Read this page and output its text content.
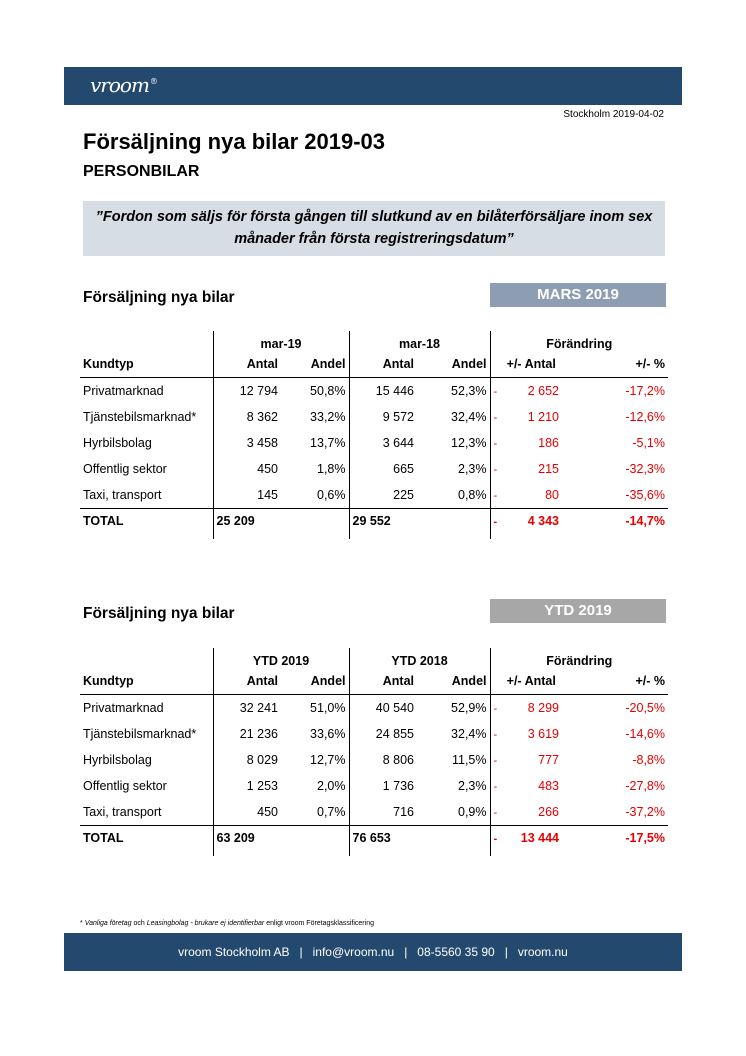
vroom®
Stockholm 2019-04-02
Försäljning nya bilar 2019-03
PERSONBILAR
”Fordon som säljs för första gången till slutkund av en bilåterförsäljare inom sex månader från första registreringsdatum”
Försäljning nya bilar	MARS 2019
	mar-19		mar-18		Förändring	
Kundtyp	Antal	Andel	Antal	Andel	+/- Antal	+/- %
Privatmarknad	12 794	50,8%	15 446	52,3%	- 2 652	-17,2%
Tjänstebilsmarknad*	8 362	33,2%	9 572	32,4%	- 1 210	-12,6%
Hyrbilsbolag	3 458	13,7%	3 644	12,3%	- 186	-5,1%
Offentlig sektor	450	1,8%	665	2,3%	- 215	-32,3%
Taxi, transport	145	0,6%	225	0,8%	- 80	-35,6%
TOTAL	25 209		29 552		- 4 343	-14,7%

Försäljning nya bilar	YTD 2019
	YTD 2019		YTD 2018		Förändring	
Kundtyp	Antal	Andel	Antal	Andel	+/- Antal	+/- %
Privatmarknad	32 241	51,0%	40 540	52,9%	- 8 299	-20,5%
Tjänstebilsmarknad*	21 236	33,6%	24 855	32,4%	- 3 619	-14,6%
Hyrbilsbolag	8 029	12,7%	8 806	11,5%	- 777	-8,8%
Offentlig sektor	1 253	2,0%	1 736	2,3%	- 483	-27,8%
Taxi, transport	450	0,7%	716	0,9%	- 266	-37,2%
TOTAL	63 209		76 653		- 13 444	-17,5%

* Vanliga företag och Leasingbolag - brukare ej identifierbar enligt vroom Företagsklassificering
vroom Stockholm AB   |   info@vroom.nu   |   08-5560 35 90   |   vroom.nu
